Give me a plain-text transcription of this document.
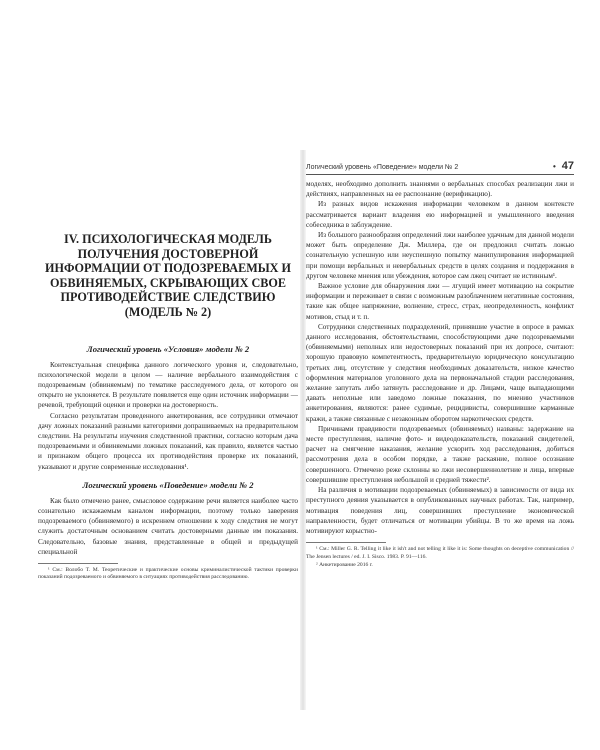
IV. ПСИХОЛОГИЧЕСКАЯ МОДЕЛЬ ПОЛУЧЕНИЯ ДОСТОВЕРНОЙ ИНФОРМАЦИИ ОТ ПОДОЗРЕВАЕМЫХ И ОБВИНЯЕМЫХ, СКРЫВАЮЩИХ СВОЕ ПРОТИВОДЕЙСТВИЕ СЛЕДСТВИЮ (МОДЕЛЬ № 2)
Логический уровень «Условия» модели № 2

Контекстуальная специфика данного логического уровня и, следовательно, психологической модели в целом — наличие вербального взаимодействия с подозреваемым (обвиняемым) по тематике расследуемого дела, от которого он открыто не уклоняется. В результате появляется еще один источник информации — речевой, требующий оценки и проверки на достоверность.

Согласно результатам проведенного анкетирования, все сотрудники отмечают дачу ложных показаний разными категориями допрашиваемых на предварительном следствии. На результаты изучения следственной практики, согласно которым дача подозреваемыми и обвиняемыми ложных показаний, как правило, является частью и признаком общего процесса их противодействия проверке их показаний, указывают и другие современные исследования¹.

Логический уровень «Поведение» модели № 2

Как было отмечено ранее, смысловое содержание речи является наиболее часто сознательно искажаемым каналом информации, поэтому только заверения подозреваемого (обвиняемого) в искреннем отношении к ходу следствия не могут служить достаточным основанием считать достоверными данные им показания. Следовательно, базовые знания, представленные в общей и предыдущей специальной

¹ См.: Волобо Т. М. Теоретические и практические основы криминалистической тактики проверки показаний подозреваемого и обвиняемого в ситуациях противодействия расследованию.

Логический уровень «Поведение» модели № 2	• 47

моделях, необходимо дополнить знаниями о вербальных способах реализации лжи и действиях, направленных на ее распознание (верификацию).

Из разных видов искажения информации человеком в данном контексте рассматривается вариант владения ею информацией и умышленного введения собеседника в заблуждение.

Из большого разнообразия определений лжи наиболее удачным для данной модели может быть определение Дж. Миллера, где он предложил считать ложью сознательную успешную или неуспешную попытку манипулирования информацией при помощи вербальных и невербальных средств в целях создания и поддержания в другом человеке мнения или убеждения, которое сам лжец считает не истинным¹.

Важное условие для обнаружения лжи — лгущий имеет мотивацию на сокрытие информации и переживает в связи с возможным разоблачением негативные состояния, такие как общее напряжение, волнение, стресс, страх, неопределенность, конфликт мотивов, стыд и т. п.

Сотрудники следственных подразделений, принявшие участие в опросе в рамках данного исследования, обстоятельствами, способствующими даче подозреваемыми (обвиняемыми) неполных или недостоверных показаний при их допросе, считают: хорошую правовую компетентность, предварительную юридическую консультацию третьих лиц, отсутствие у следствия необходимых доказательств, низкое качество оформления материалов уголовного дела на первоначальной стадии расследования, желание запутать либо затянуть расследование и др. Лицами, чаще выпадающими давать неполные или заведомо ложные показания, по мнению участников анкетирования, являются: ранее судимые, рецидивисты, совершившие карманные кражи, а также связанные с незаконным оборотом наркотических средств.

Причинами правдивости подозреваемых (обвиняемых) названы: задержание на месте преступления, наличие фото- и видеодоказательств, показаний свидетелей, расчет на смягчение наказания, желание ускорить ход расследования, добиться рассмотрения дела в особом порядке, а также раскаяние, полное осознание совершенного. Отмечено реже склонны ко лжи несовершеннолетние и лица, впервые совершившие преступления небольшой и средней тяжести².

На различия в мотивации подозреваемых (обвиняемых) в зависимости от вида их преступного деяния указывается в опубликованных научных работах. Так, например, мотивация поведения лиц, совершивших преступление экономической направленности, будет отличаться от мотивации убийцы. В то же время на ложь мотивируют корыстно-

¹ См.: Miller G. R. Telling it like it ish't and not telling it like it is: Some thoughts on deceptive communication // The Jensen lectures / ed. J. I. Sisco. 1983. P. 91—116.

² Анкетирование 2016 г.
